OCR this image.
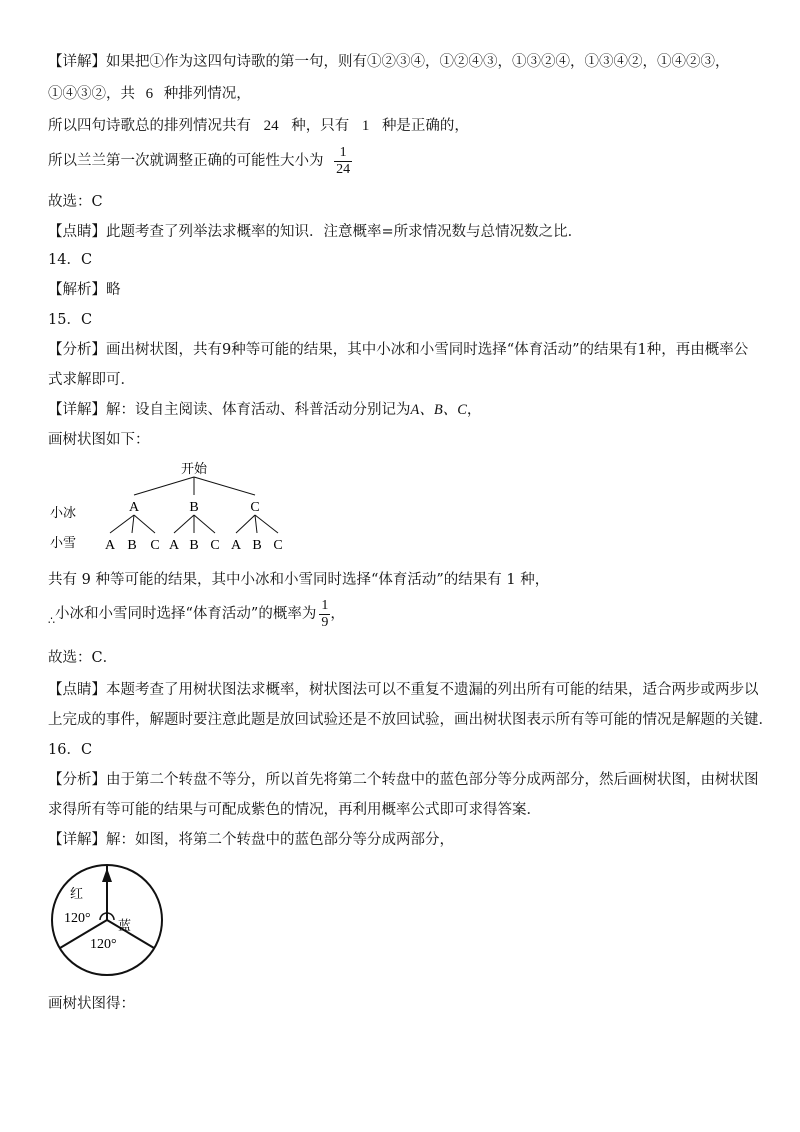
【详解】如果把①作为这四句诗歌的第一句，则有①②③④，①②④③，①③②④，①③④②，①④②③，
①④③②，共 6 种排列情况，
所以四句诗歌总的排列情况共有 24 种，只有 1 种是正确的，
所以兰兰第一次就调整正确的可能性大小为 $\frac{1}{24}$
故选：C
【点睛】此题考查了列举法求概率的知识．注意概率=所求情况数与总情况数之比．
14．C
【解析】略
15．C
【分析】画出树状图，共有9种等可能的结果，其中小冰和小雪同时选择“体育活动”的结果有1种，再由概率公
式求解即可．
【详解】解：设自主阅读、体育活动、科普活动分别记为A、B、C，
画树状图如下：
开始
小冰
小雪
A	B	C
A B C A B C A B C
共有 9 种等可能的结果，其中小冰和小雪同时选择“体育活动”的结果有 1 种，
$_\therefore$小冰和小雪同时选择“体育活动”的概率为 $\frac{1}{9}$ ，
故选：C．
【点睛】本题考查了用树状图法求概率，树状图法可以不重复不遗漏的列出所有可能的结果，适合两步或两步以
上完成的事件，解题时要注意此题是放回试验还是不放回试验，画出树状图表示所有等可能的情况是解题的关键．
16．C
【分析】由于第二个转盘不等分，所以首先将第二个转盘中的蓝色部分等分成两部分，然后画树状图，由树状图
求得所有等可能的结果与可配成紫色的情况，再利用概率公式即可求得答案．
【详解】解：如图，将第二个转盘中的蓝色部分等分成两部分，
红
蓝
120°
120°
画树状图得：
